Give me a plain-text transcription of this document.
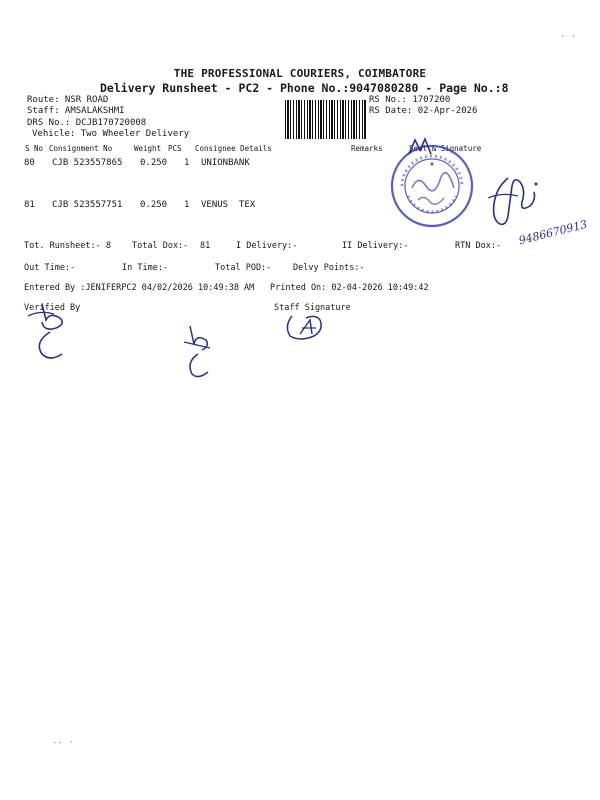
· ·
-- ·
THE PROFESSIONAL COURIERS, COIMBATORE
Delivery Runsheet - PC2 - Phone No.:9047080280 - Page No.:8
Route: NSR ROAD
Staff: AMSALAKSHMI
DRS No.: DCJB170720008
Vehicle: Two Wheeler Delivery
RS No.: 1707200
RS Date: 02-Apr-2026
S No Consignment No	Weight PCS Consignee Details	Remarks	Seal & Signature
80 CJB 523557865 0.250 1 UNIONBANK
81 CJB 523557751 0.250 1 VENUS  TEX
Tot. Runsheet:- 8 Total Dox:- 81	I Delivery:-	II Delivery:-	RTN Dox:-
Out Time:-	In Time:-	Total POD:-	Delvy Points:-
Entered By :JENIFERPC2 04/02/2026 10:49:38 AM Printed On: 02-04-2026 10:49:42
Verified By	Staff Signature
9486670913
